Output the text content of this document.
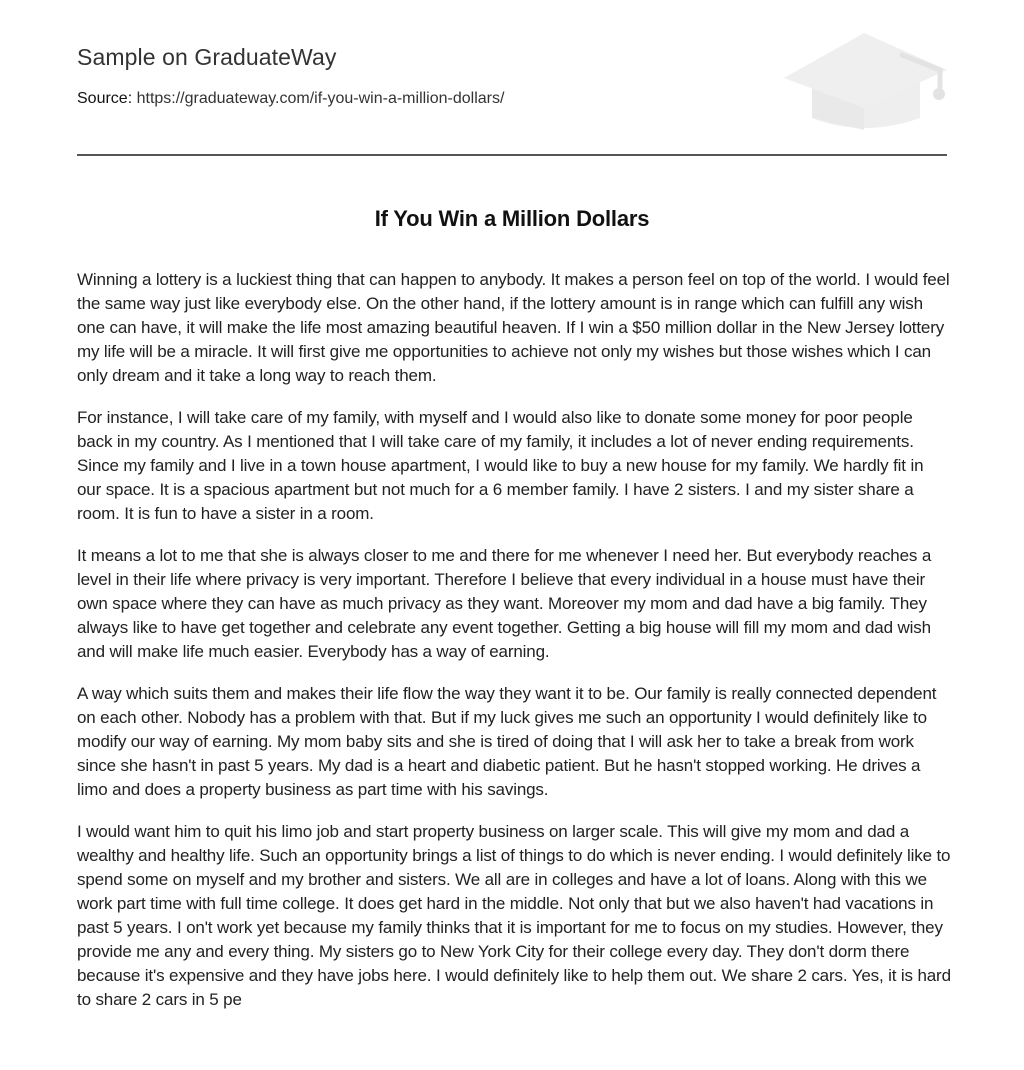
Sample on GraduateWay
Source: https://graduateway.com/if-you-win-a-million-dollars/
If You Win a Million Dollars

Winning a lottery is a luckiest thing that can happen to anybody. It makes a person feel on top of the world. I would feel the same way just like everybody else. On the other hand, if the lottery amount is in range which can fulfill any wish one can have, it will make the life most amazing beautiful heaven. If I win a $50 million dollar in the New Jersey lottery my life will be a miracle. It will first give me opportunities to achieve not only my wishes but those wishes which I can only dream and it take a long way to reach them.

For instance, I will take care of my family, with myself and I would also like to donate some money for poor people back in my country. As I mentioned that I will take care of my family, it includes a lot of never ending requirements. Since my family and I live in a town house apartment, I would like to buy a new house for my family. We hardly fit in our space. It is a spacious apartment but not much for a 6 member family. I have 2 sisters. I and my sister share a room. It is fun to have a sister in a room.

It means a lot to me that she is always closer to me and there for me whenever I need her. But everybody reaches a level in their life where privacy is very important. Therefore I believe that every individual in a house must have their own space where they can have as much privacy as they want. Moreover my mom and dad have a big family. They always like to have get together and celebrate any event together. Getting a big house will fill my mom and dad wish and will make life much easier. Everybody has a way of earning.

A way which suits them and makes their life flow the way they want it to be. Our family is really connected dependent on each other. Nobody has a problem with that. But if my luck gives me such an opportunity I would definitely like to modify our way of earning. My mom baby sits and she is tired of doing that I will ask her to take a break from work since she hasn't in past 5 years. My dad is a heart and diabetic patient. But he hasn't stopped working. He drives a limo and does a property business as part time with his savings.

I would want him to quit his limo job and start property business on larger scale. This will give my mom and dad a wealthy and healthy life. Such an opportunity brings a list of things to do which is never ending. I would definitely like to spend some on myself and my brother and sisters. We all are in colleges and have a lot of loans. Along with this we work part time with full time college. It does get hard in the middle. Not only that but we also haven't had vacations in past 5 years. I on't work yet because my family thinks that it is important for me to focus on my studies. However, they provide me any and every thing. My sisters go to New York City for their college every day. They don't dorm there because it's expensive and they have jobs here. I would definitely like to help them out. We share 2 cars. Yes, it is hard to share 2 cars in 5 pe
